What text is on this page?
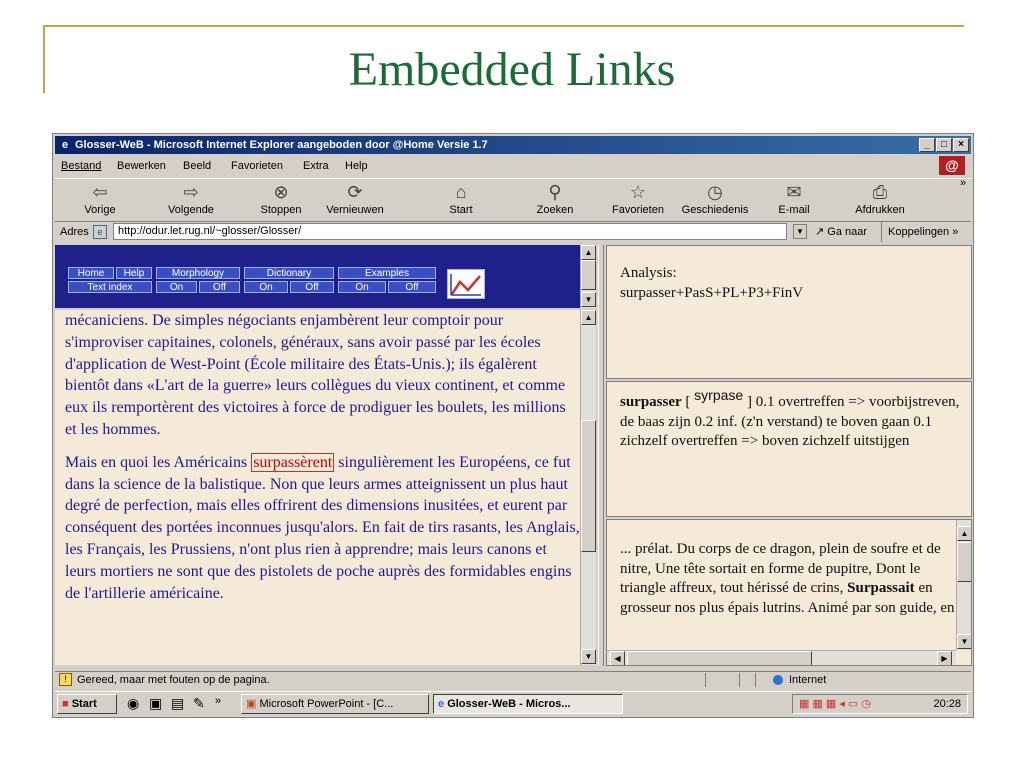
Embedded Links
e Glosser-WeB - Microsoft Internet Explorer aangeboden door @Home Versie 1.7	_	□	×
Bestand Bewerken Beeld Favorieten Extra Help	@
⇦
Vorige
⇨
Volgende
⊗
Stoppen
⟳
Vernieuwen
⌂
Start
⚲
Zoeken
☆
Favorieten
◷
Geschiedenis
✉
E-mail
⎙
Afdrukken
»
Adres e	http://odur.let.rug.nl/~glosser/Glosser/	▼ ↗ Ga naar	Koppelingen »
Home	Help
Text index
Morphology
On	Off
Dictionary
On	Off
Examples
On	Off
▲
▼

mécaniciens. De simples négociants enjambèrent leur comptoir pour s'improviser capitaines, colonels, généraux, sans avoir passé par les écoles d'application de West-Point (École militaire des États-Unis.); ils égalèrent bientôt dans «L'art de la guerre» leurs collègues du vieux continent, et comme eux ils remportèrent des victoires à force de prodiguer les boulets, les millions et les hommes.

Mais en quoi les Américains surpassèrent singulièrement les Européens, ce fut dans la science de la balistique. Non que leurs armes atteignissent un plus haut degré de perfection, mais elles offrirent des dimensions inusitées, et eurent par conséquent des portées inconnues jusqu'alors. En fait de tirs rasants, les Anglais, les Français, les Prussiens, n'ont plus rien à apprendre; mais leurs canons et leurs mortiers ne sont que des pistolets de poche auprès des formidables engins de l'artillerie américaine.

▲
▼
Analysis:
surpasser+PasS+PL+P3+FinV
surpasser [ syrpase ] 0.1 overtreffen => voorbijstreven, de baas zijn 0.2 inf. (z'n verstand) te boven gaan 0.1 zichzelf overtreffen => boven zichzelf uitstijgen
... prélat. Du corps de ce dragon, plein de soufre et de nitre, Une tête sortait en forme de pupitre, Dont le triangle affreux, tout hérissé de crins, Surpassait en grosseur nos plus épais lutrins. Animé par son guide, en
▲
▼
◀	▶
! Gereed, maar met fouten op de pagina.	Internet
■ Start	◉ ▣ ▤ ✎ »	▣ Microsoft PowerPoint - [C...	e Glosser-WeB - Micros...	▦ ▦ ▦ ◂ ▭ ◷	20:28
